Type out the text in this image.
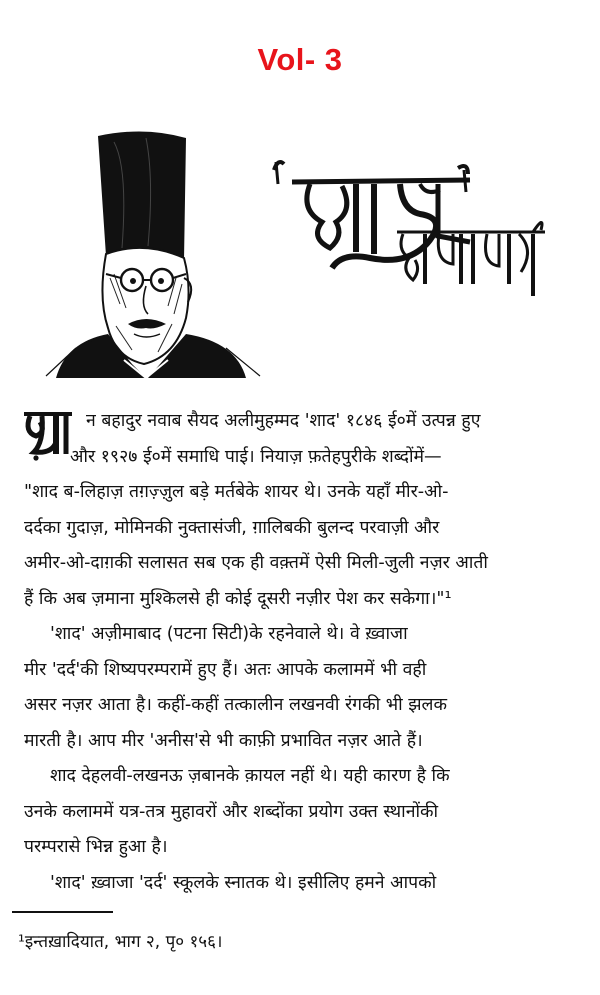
Vol- 3

न बहादुर नवाब सैयद अलीमुहम्मद 'शाद' १८४६ ई०में उत्पन्न हुए

और १९२७ ई०में समाधि पाई। नियाज़ फ़तेहपुरीके शब्दोंमें—

"शाद ब-लिहाज़ तग़ज़्ज़ुल बड़े मर्तबेके शायर थे। उनके यहाँ मीर-ओ-

दर्दका गुदाज़, मोमिनकी नुक्तासंजी, ग़ालिबकी बुलन्द परवाज़ी और

अमीर-ओ-दाग़की सलासत सब एक ही वक़्तमें ऐसी मिली-जुली नज़र आती

हैं कि अब ज़माना मुश्किलसे ही कोई दूसरी नज़ीर पेश कर सकेगा।"¹

'शाद' अज़ीमाबाद (पटना सिटी)के रहनेवाले थे। वे ख़्वाजा

मीर 'दर्द'की शिष्यपरम्परामें हुए हैं। अतः आपके कलाममें भी वही

असर नज़र आता है। कहीं-कहीं तत्कालीन लखनवी रंगकी भी झलक

मारती है। आप मीर 'अनीस'से भी काफ़ी प्रभावित नज़र आते हैं।

शाद देहलवी-लखनऊ ज़बानके क़ायल नहीं थे। यही कारण है कि

उनके कलाममें यत्र-तत्र मुहावरों और शब्दोंका प्रयोग उक्त स्थानोंकी

परम्परासे भिन्न हुआ है।

'शाद' ख़्वाजा 'दर्द' स्कूलके स्नातक थे। इसीलिए हमने आपको

¹इन्तख़ादियात, भाग २, पृ० १५६।
